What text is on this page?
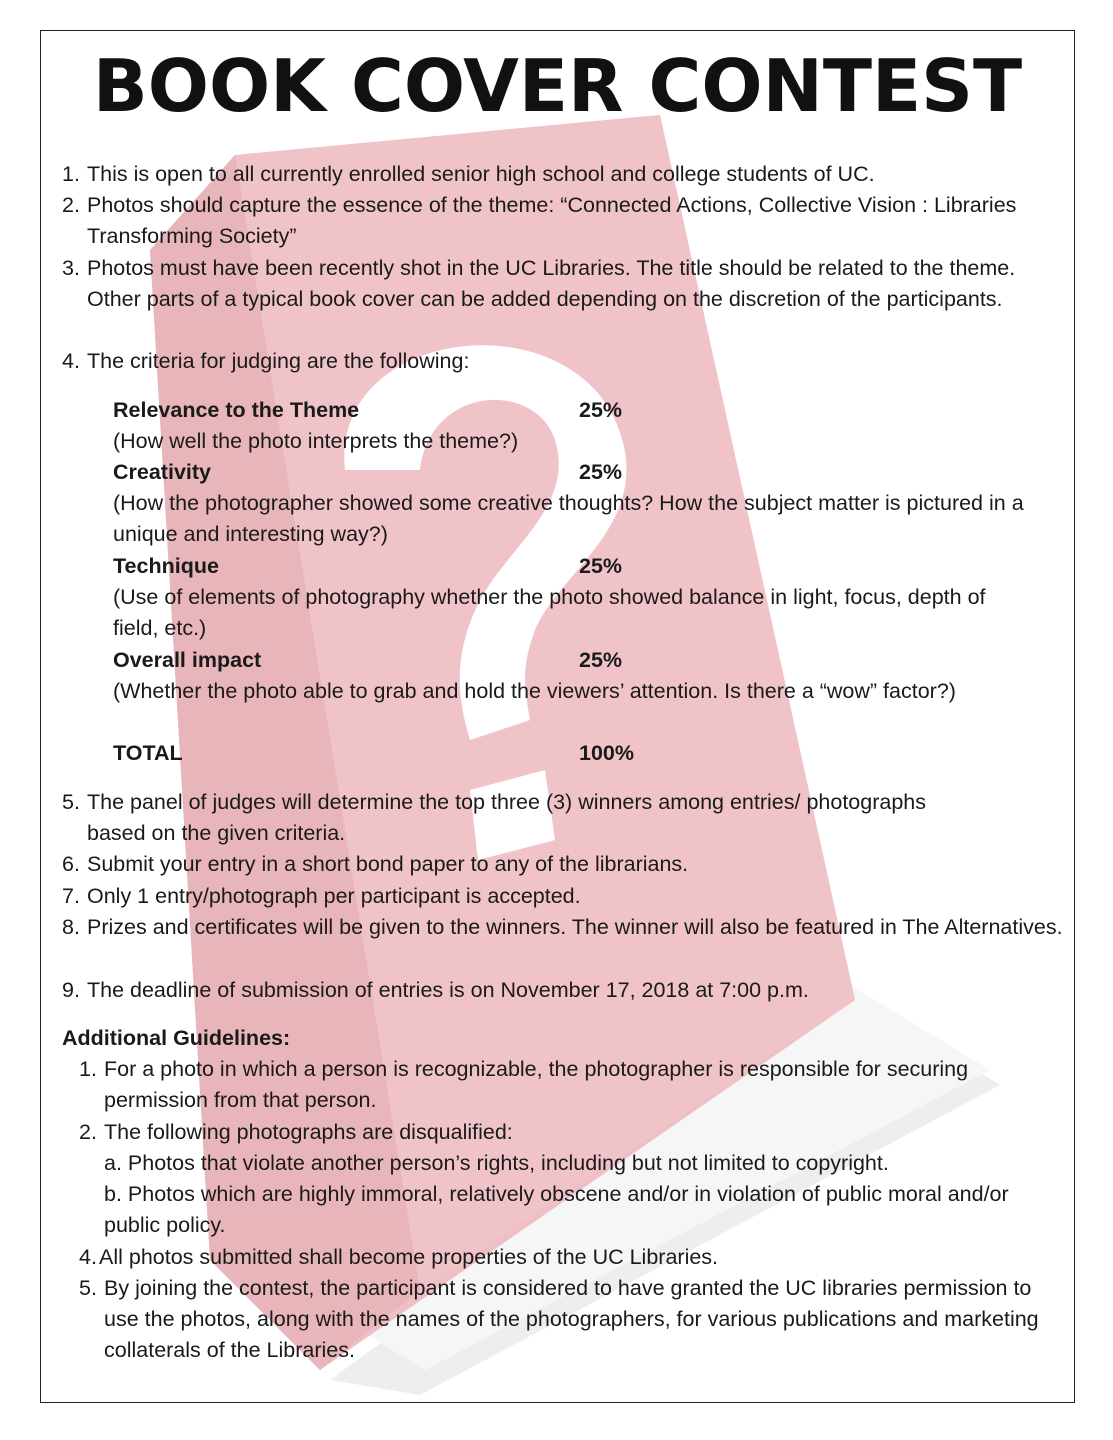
BOOK COVER CONTEST
1. This is open to all currently enrolled senior high school and college students of UC.
2. Photos should capture the essence of the theme: “Connected Actions, Collective Vision : Libraries Transforming Society”
3. Photos must have been recently shot in the UC Libraries. The title should be related to the theme. Other parts of a typical book cover can be added depending on the discretion of the participants.
4. The criteria for judging are the following:
Relevance to the Theme	25%
(How well the photo interprets the theme?)
Creativity	25%
(How the photographer showed some creative thoughts? How the subject matter is pictured in a unique and interesting way?)
Technique	25%
(Use of elements of photography whether the photo showed balance in light, focus, depth of field, etc.)
Overall impact	25%
(Whether the photo able to grab and hold the viewers’ attention. Is there a “wow” factor?)
TOTAL	100%
5. The panel of judges will determine the top three (3) winners among entries/ photographs based on the given criteria.
6. Submit your entry in a short bond paper to any of the librarians.
7. Only 1 entry/photograph per participant is accepted.
8. Prizes and certificates will be given to the winners. The winner will also be featured in The Alternatives.
9. The deadline of submission of entries is on November 17, 2018 at 7:00 p.m.
Additional Guidelines:
1. For a photo in which a person is recognizable, the photographer is responsible for securing permission from that person.
2. The following photographs are disqualified:
a. Photos that violate another person’s rights, including but not limited to copyright.
b. Photos which are highly immoral, relatively obscene and/or in violation of public moral and/or public policy.
4. All photos submitted shall become properties of the UC Libraries.
5. By joining the contest, the participant is considered to have granted the UC libraries permission to use the photos, along with the names of the photographers, for various publications and marketing collaterals of the Libraries.
